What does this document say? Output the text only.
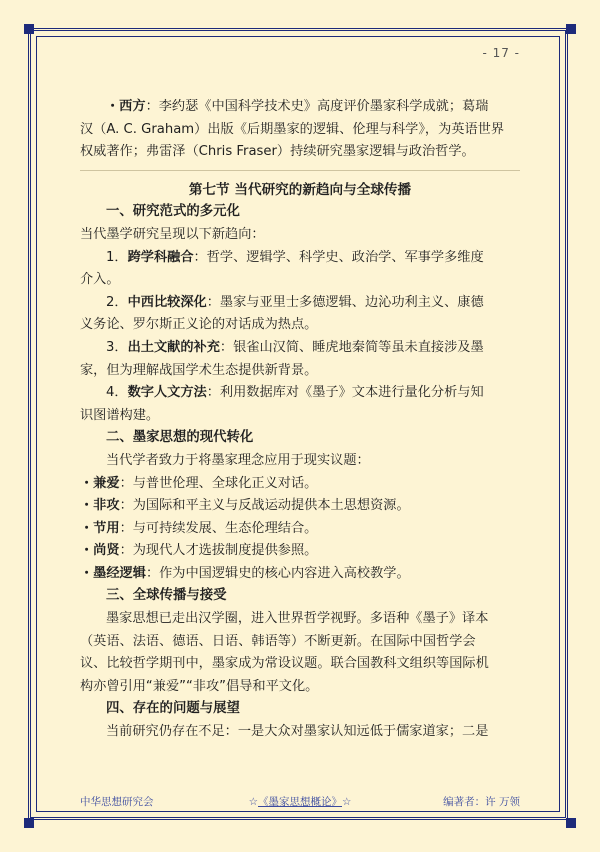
- 17 -

・西方：李约瑟《中国科学技术史》高度评价墨家科学成就；葛瑞

汉（A. C. Graham）出版《后期墨家的逻辑、伦理与科学》，为英语世界

权威著作；弗雷泽（Chris Fraser）持续研究墨家逻辑与政治哲学。

第七节 当代研究的新趋向与全球传播

一、研究范式的多元化

当代墨学研究呈现以下新趋向：

1．跨学科融合：哲学、逻辑学、科学史、政治学、军事学多维度

介入。

2．中西比较深化：墨家与亚里士多德逻辑、边沁功利主义、康德

义务论、罗尔斯正义论的对话成为热点。

3．出土文献的补充：银雀山汉简、睡虎地秦简等虽未直接涉及墨

家，但为理解战国学术生态提供新背景。

4．数字人文方法：利用数据库对《墨子》文本进行量化分析与知

识图谱构建。

二、墨家思想的现代转化

当代学者致力于将墨家理念应用于现实议题：

・兼爱：与普世伦理、全球化正义对话。

・非攻：为国际和平主义与反战运动提供本土思想资源。

・节用：与可持续发展、生态伦理结合。

・尚贤：为现代人才选拔制度提供参照。

・墨经逻辑：作为中国逻辑史的核心内容进入高校教学。

三、全球传播与接受

墨家思想已走出汉学圈，进入世界哲学视野。多语种《墨子》译本

（英语、法语、德语、日语、韩语等）不断更新。在国际中国哲学会

议、比较哲学期刊中，墨家成为常设议题。联合国教科文组织等国际机

构亦曾引用“兼爱”“非攻”倡导和平文化。

四、存在的问题与展望

当前研究仍存在不足：一是大众对墨家认知远低于儒家道家；二是

中华思想研究会	☆《墨家思想概论》☆	编著者：许 万领
